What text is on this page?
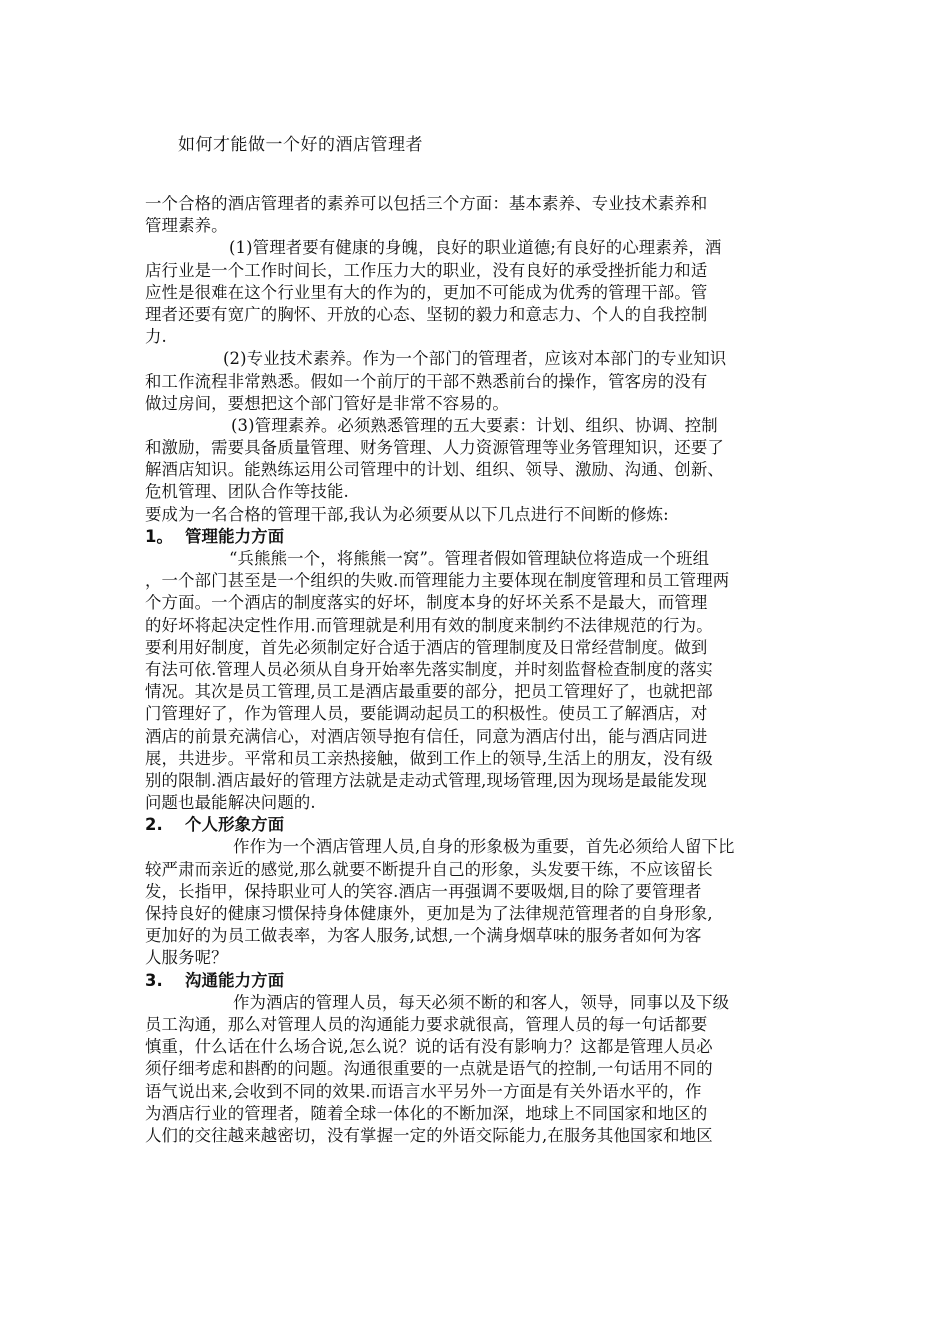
如何才能做一个好的酒店管理者
一个合格的酒店管理者的素养可以包括三个方面：基本素养、专业技术素养和
管理素养。
(1)管理者要有健康的身魄，良好的职业道德;有良好的心理素养，酒
店行业是一个工作时间长，工作压力大的职业，没有良好的承受挫折能力和适
应性是很难在这个行业里有大的作为的，更加不可能成为优秀的管理干部。管
理者还要有宽广的胸怀、开放的心态、坚韧的毅力和意志力、个人的自我控制
力.
(2)专业技术素养。作为一个部门的管理者，应该对本部门的专业知识
和工作流程非常熟悉。假如一个前厅的干部不熟悉前台的操作，管客房的没有
做过房间，要想把这个部门管好是非常不容易的。
(3)管理素养。必须熟悉管理的五大要素：计划、组织、协调、控制
和激励，需要具备质量管理、财务管理、人力资源管理等业务管理知识，还要了
解酒店知识。能熟练运用公司管理中的计划、组织、领导、激励、沟通、创新、
危机管理、团队合作等技能.
要成为一名合格的管理干部,我认为必须要从以下几点进行不间断的修炼:
1。 管理能力方面
“兵熊熊一个，将熊熊一窝”。管理者假如管理缺位将造成一个班组
，一个部门甚至是一个组织的失败.而管理能力主要体现在制度管理和员工管理两
个方面。一个酒店的制度落实的好坏，制度本身的好坏关系不是最大，而管理
的好坏将起决定性作用.而管理就是利用有效的制度来制约不法律规范的行为。
要利用好制度，首先必须制定好合适于酒店的管理制度及日常经营制度。做到
有法可依.管理人员必须从自身开始率先落实制度，并时刻监督检查制度的落实
情况。其次是员工管理,员工是酒店最重要的部分，把员工管理好了，也就把部
门管理好了，作为管理人员，要能调动起员工的积极性。使员工了解酒店，对
酒店的前景充满信心，对酒店领导抱有信任，同意为酒店付出，能与酒店同进
展，共进步。平常和员工亲热接触，做到工作上的领导,生活上的朋友，没有级
别的限制.酒店最好的管理方法就是走动式管理,现场管理,因为现场是最能发现
问题也最能解决问题的.
2. 个人形象方面
作作为一个酒店管理人员,自身的形象极为重要，首先必须给人留下比
较严肃而亲近的感觉,那么就要不断提升自己的形象，头发要干练，不应该留长
发，长指甲，保持职业可人的笑容.酒店一再强调不要吸烟,目的除了要管理者
保持良好的健康习惯保持身体健康外，更加是为了法律规范管理者的自身形象,
更加好的为员工做表率，为客人服务,试想,一个满身烟草味的服务者如何为客
人服务呢？
3. 沟通能力方面
作为酒店的管理人员，每天必须不断的和客人，领导，同事以及下级
员工沟通，那么对管理人员的沟通能力要求就很高，管理人员的每一句话都要
慎重，什么话在什么场合说,怎么说？说的话有没有影响力？这都是管理人员必
须仔细考虑和斟酌的问题。沟通很重要的一点就是语气的控制,一句话用不同的
语气说出来,会收到不同的效果.而语言水平另外一方面是有关外语水平的，作
为酒店行业的管理者，随着全球一体化的不断加深，地球上不同国家和地区的
人们的交往越来越密切，没有掌握一定的外语交际能力,在服务其他国家和地区
